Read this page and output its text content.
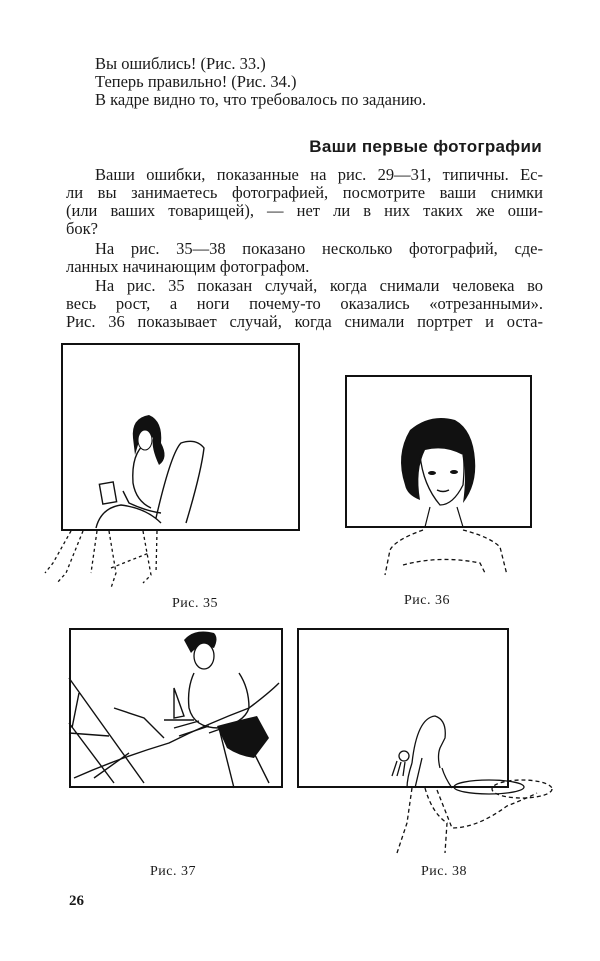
Вы ошиблись! (Рис. 33.)
Теперь правильно! (Рис. 34.)
В кадре видно то, что требовалось по заданию.
Ваши первые фотографии
Ваши ошибки, показанные на рис. 29—31, типичны. Ес-
ли вы занимаетесь фотографией, посмотрите ваши снимки
(или ваших товарищей), — нет ли в них таких же оши-
бок?
На рис. 35—38 показано несколько фотографий, сде-
ланных начинающим фотографом.
На рис. 35 показан случай, когда снимали человека во
весь рост, а ноги почему-то оказались «отрезанными».
Рис. 36 показывает случай, когда снимали портрет и оста-
Рис. 35	Рис. 36
Рис. 37	Рис. 38
26
